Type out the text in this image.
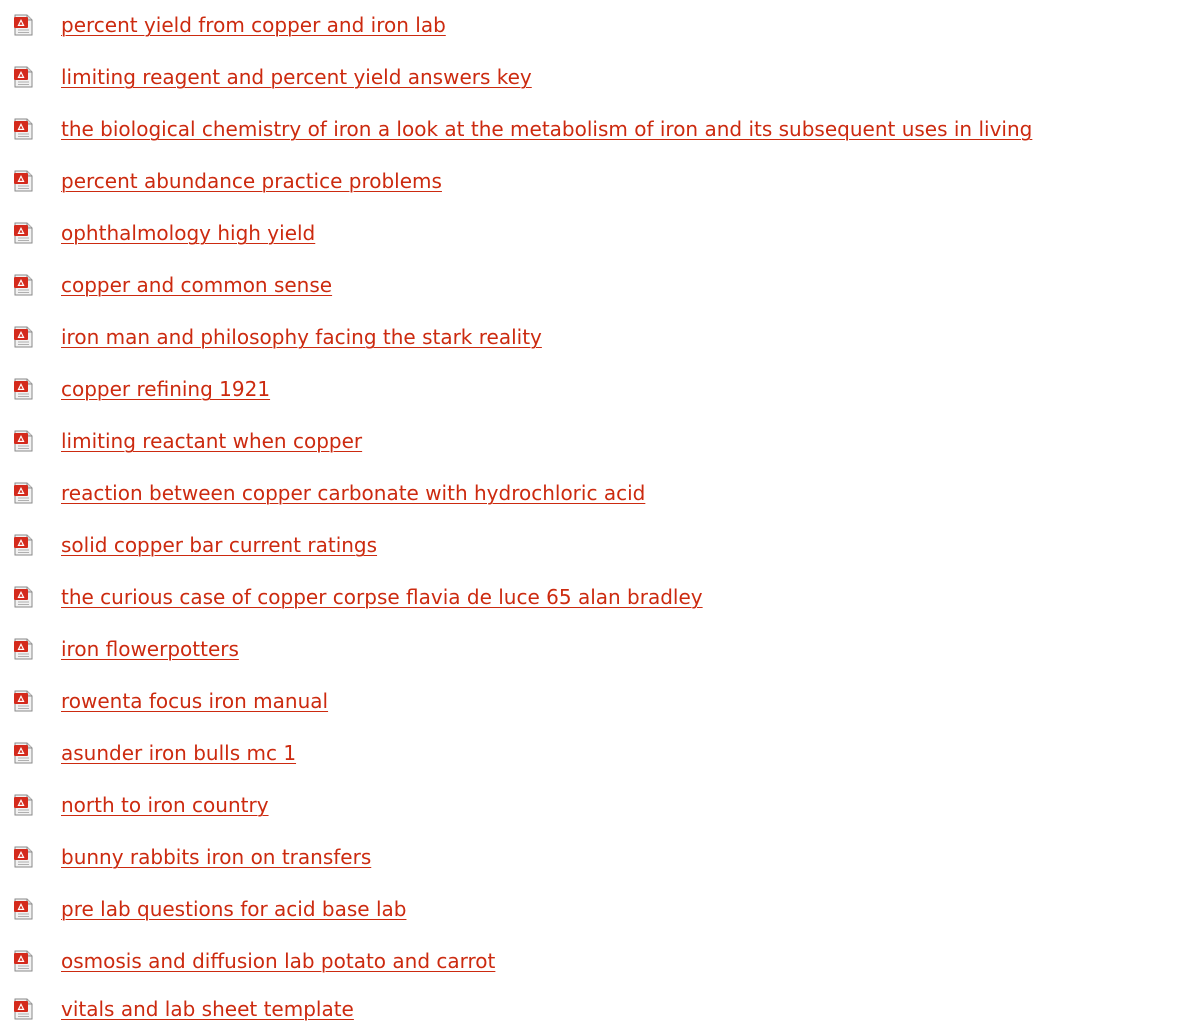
percent yield from copper and iron lab
limiting reagent and percent yield answers key
the biological chemistry of iron a look at the metabolism of iron and its subsequent uses in living
percent abundance practice problems
ophthalmology high yield
copper and common sense
iron man and philosophy facing the stark reality
copper refining 1921
limiting reactant when copper
reaction between copper carbonate with hydrochloric acid
solid copper bar current ratings
the curious case of copper corpse flavia de luce 65 alan bradley
iron flowerpotters
rowenta focus iron manual
asunder iron bulls mc 1
north to iron country
bunny rabbits iron on transfers
pre lab questions for acid base lab
osmosis and diffusion lab potato and carrot
vitals and lab sheet template
